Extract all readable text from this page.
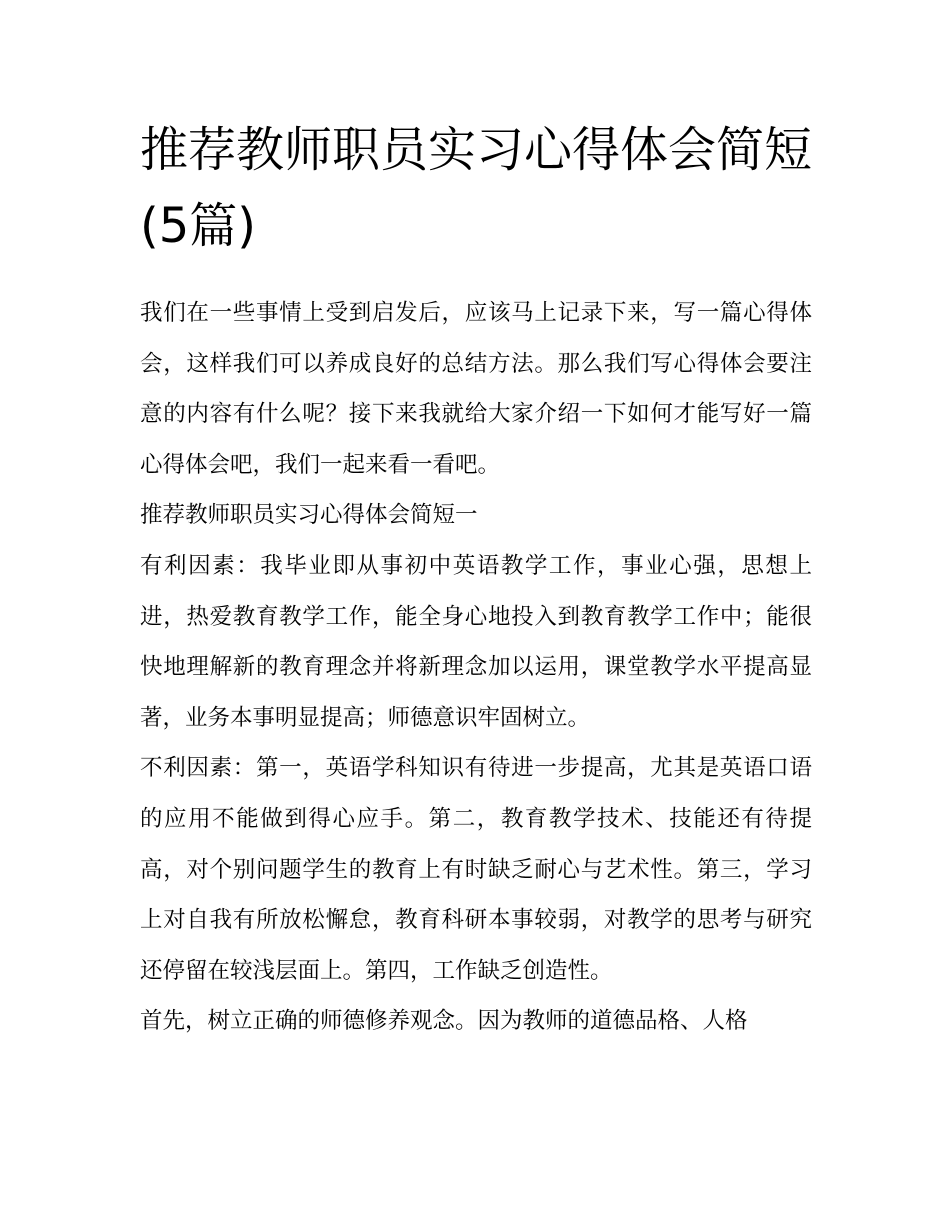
推荐教师职员实习心得体会简短(5篇)

我们在一些事情上受到启发后，应该马上记录下来，写一篇心得体会，这样我们可以养成良好的总结方法。那么我们写心得体会要注意的内容有什么呢？接下来我就给大家介绍一下如何才能写好一篇心得体会吧，我们一起来看一看吧。

推荐教师职员实习心得体会简短一

有利因素：我毕业即从事初中英语教学工作，事业心强，思想上进，热爱教育教学工作，能全身心地投入到教育教学工作中；能很快地理解新的教育理念并将新理念加以运用，课堂教学水平提高显著，业务本事明显提高；师德意识牢固树立。

不利因素：第一，英语学科知识有待进一步提高，尤其是英语口语的应用不能做到得心应手。第二，教育教学技术、技能还有待提高，对个别问题学生的教育上有时缺乏耐心与艺术性。第三，学习上对自我有所放松懈怠，教育科研本事较弱，对教学的思考与研究还停留在较浅层面上。第四，工作缺乏创造性。

首先，树立正确的师德修养观念。因为教师的道德品格、人格
